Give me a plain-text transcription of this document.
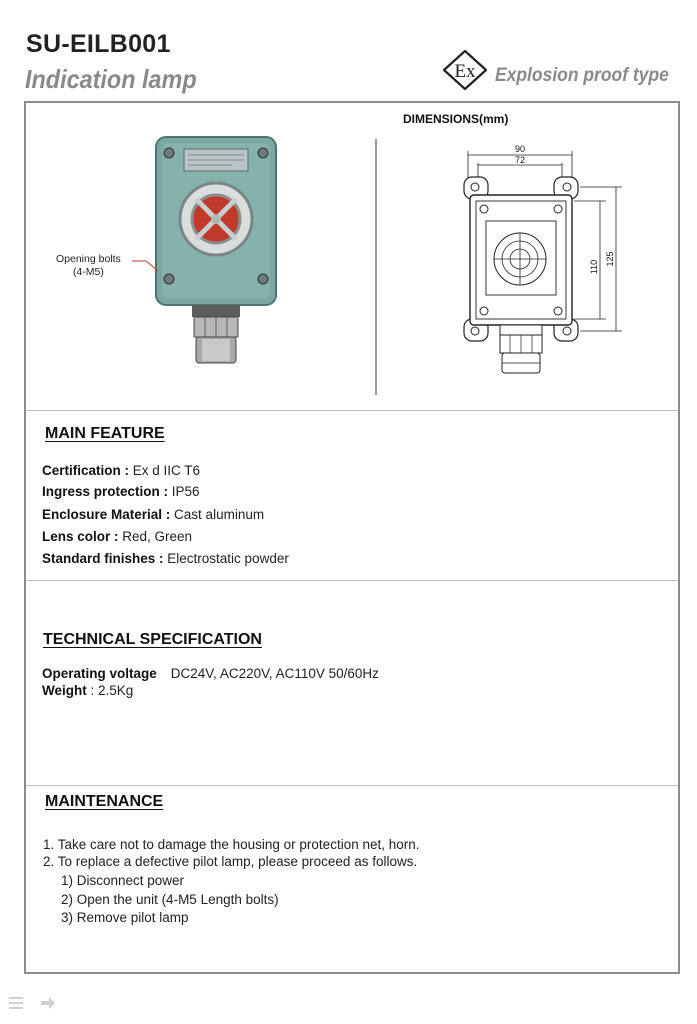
SU-EILB001
Indication lamp	Ex Explosion proof type
Opening bolts
(4-M5)
DIMENSIONS(mm)
90
72
110
125
MAIN FEATURE
Certification : Ex d IIC T6
Ingress protection : IP56
Enclosure Material : Cast aluminum
Lens color : Red, Green
Standard finishes : Electrostatic powder
TECHNICAL SPECIFICATION
Operating voltage DC24V, AC220V, AC110V 50/60Hz
Weight : 2.5Kg
MAINTENANCE
1. Take care not to damage the housing or protection net, horn.
2. To replace a defective pilot lamp, please proceed as follows.
1) Disconnect power
2) Open the unit (4-M5 Length bolts)
3) Remove pilot lamp
